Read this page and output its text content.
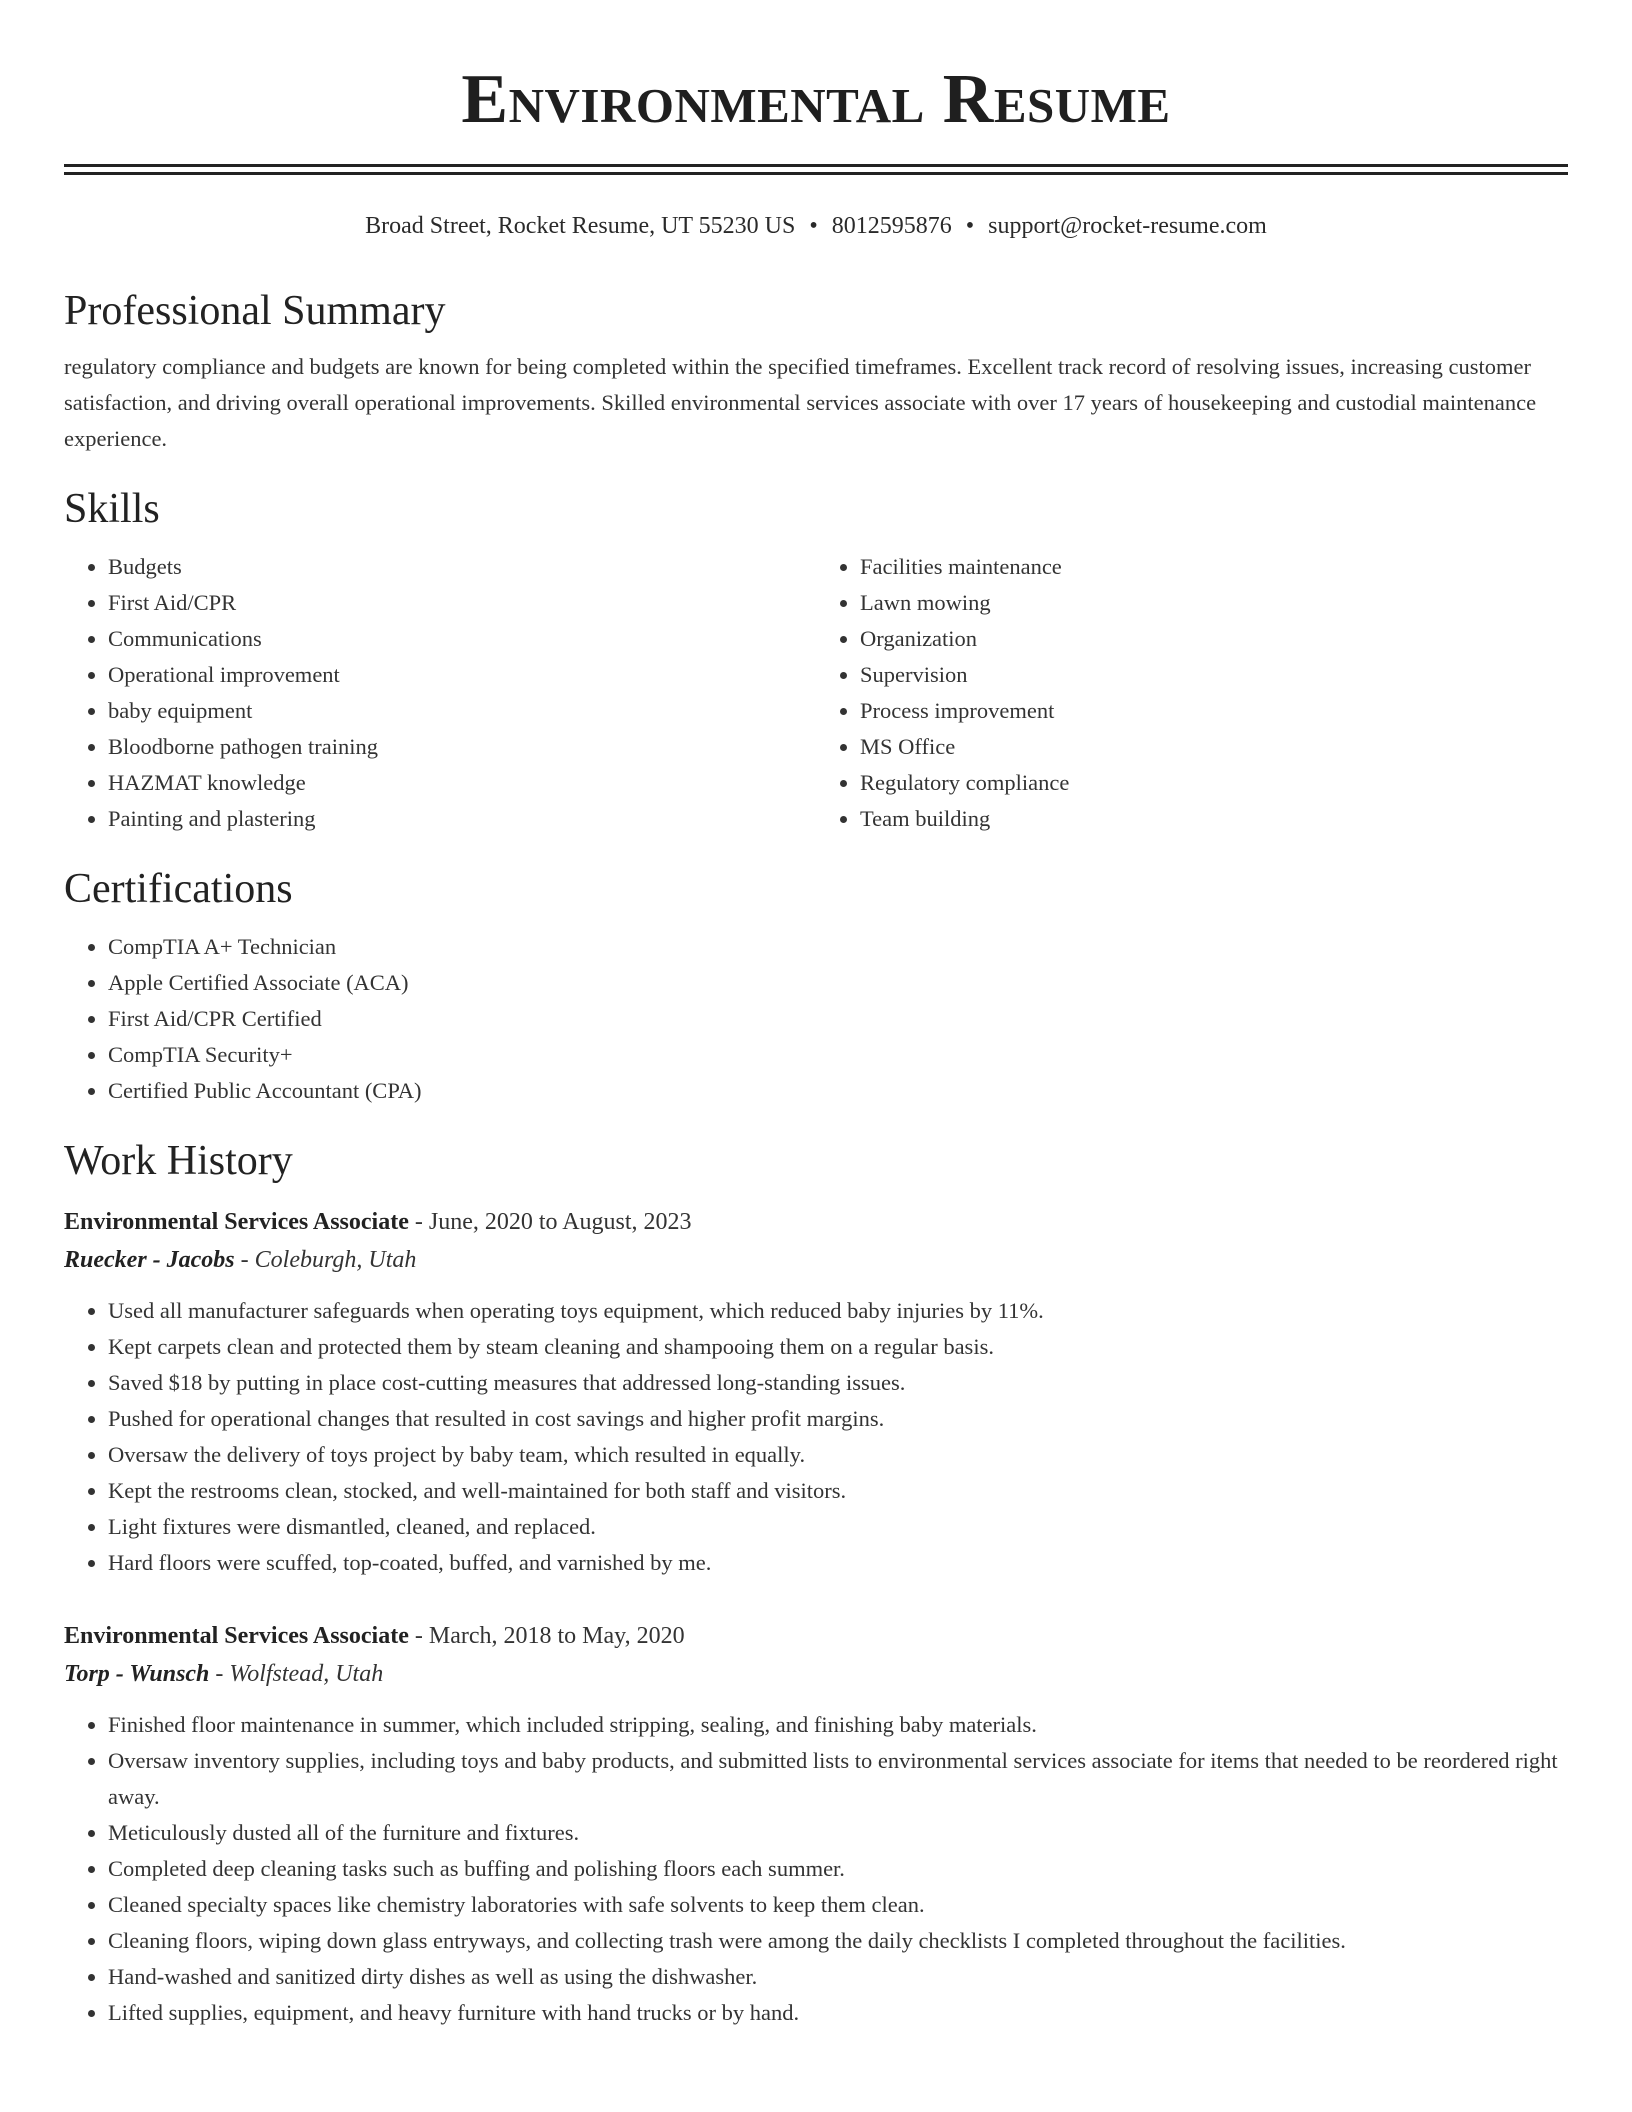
Environmental Resume
Broad Street, Rocket Resume, UT 55230 US • 8012595876 • support@rocket-resume.com
Professional Summary

regulatory compliance and budgets are known for being completed within the specified timeframes. Excellent track record of resolving issues, increasing customer satisfaction, and driving overall operational improvements. Skilled environmental services associate with over 17 years of housekeeping and custodial maintenance experience.

Skills
• Budgets
• First Aid/CPR
• Communications
• Operational improvement
• baby equipment
• Bloodborne pathogen training
• HAZMAT knowledge
• Painting and plastering
• Facilities maintenance
• Lawn mowing
• Organization
• Supervision
• Process improvement
• MS Office
• Regulatory compliance
• Team building
Certifications
• CompTIA A+ Technician
• Apple Certified Associate (ACA)
• First Aid/CPR Certified
• CompTIA Security+
• Certified Public Accountant (CPA)
Work History
Environmental Services Associate - June, 2020 to August, 2023
Ruecker - Jacobs - Coleburgh, Utah
• Used all manufacturer safeguards when operating toys equipment, which reduced baby injuries by 11%.
• Kept carpets clean and protected them by steam cleaning and shampooing them on a regular basis.
• Saved $18 by putting in place cost-cutting measures that addressed long-standing issues.
• Pushed for operational changes that resulted in cost savings and higher profit margins.
• Oversaw the delivery of toys project by baby team, which resulted in equally.
• Kept the restrooms clean, stocked, and well-maintained for both staff and visitors.
• Light fixtures were dismantled, cleaned, and replaced.
• Hard floors were scuffed, top-coated, buffed, and varnished by me.
Environmental Services Associate - March, 2018 to May, 2020
Torp - Wunsch - Wolfstead, Utah
• Finished floor maintenance in summer, which included stripping, sealing, and finishing baby materials.
• Oversaw inventory supplies, including toys and baby products, and submitted lists to environmental services associate for items that needed to be reordered right away.
• Meticulously dusted all of the furniture and fixtures.
• Completed deep cleaning tasks such as buffing and polishing floors each summer.
• Cleaned specialty spaces like chemistry laboratories with safe solvents to keep them clean.
• Cleaning floors, wiping down glass entryways, and collecting trash were among the daily checklists I completed throughout the facilities.
• Hand-washed and sanitized dirty dishes as well as using the dishwasher.
• Lifted supplies, equipment, and heavy furniture with hand trucks or by hand.
